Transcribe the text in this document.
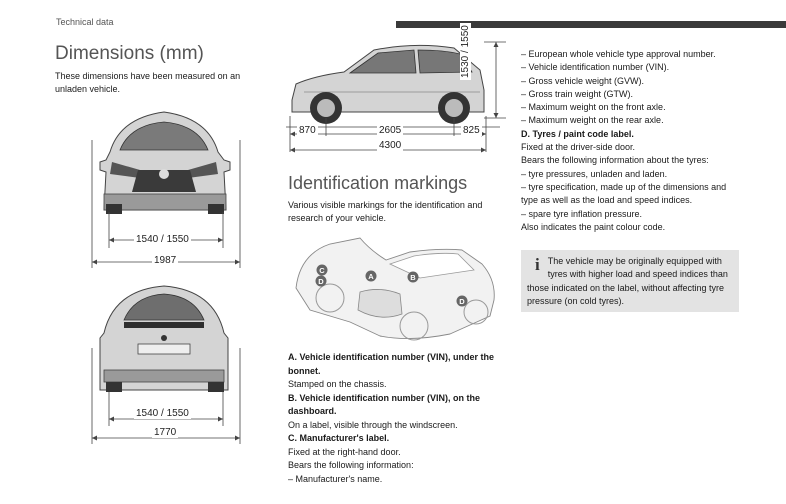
Technical data
Dimensions (mm)
These dimensions have been measured on an unladen vehicle.
1540 / 1550
1987
1540 / 1550
1770
870	2605	825
4300
1530 / 1550
Identification markings
Various visible markings for the identification and research of your vehicle.
C
D
A	B
D

A. Vehicle identification number (VIN), under the bonnet.

Stamped on the chassis.

B. Vehicle identification number (VIN), on the dashboard.

On a label, visible through the windscreen.

C. Manufacturer's label.

Fixed at the right-hand door.

Bears the following information:

– Manufacturer's name.

– European whole vehicle type approval number.

– Vehicle identification number (VIN).

– Gross vehicle weight (GVW).

– Gross train weight (GTW).

– Maximum weight on the front axle.

– Maximum weight on the rear axle.

D. Tyres / paint code label.

Fixed at the driver-side door.

Bears the following information about the tyres:

– tyre pressures, unladen and laden.

– tyre specification, made up of the dimensions and type as well as the load and speed indices.

– spare tyre inflation pressure.

Also indicates the paint colour code.

i The vehicle may be originally equipped with tyres with higher load and speed indices than those indicated on the label, without affecting tyre pressure (on cold tyres).
